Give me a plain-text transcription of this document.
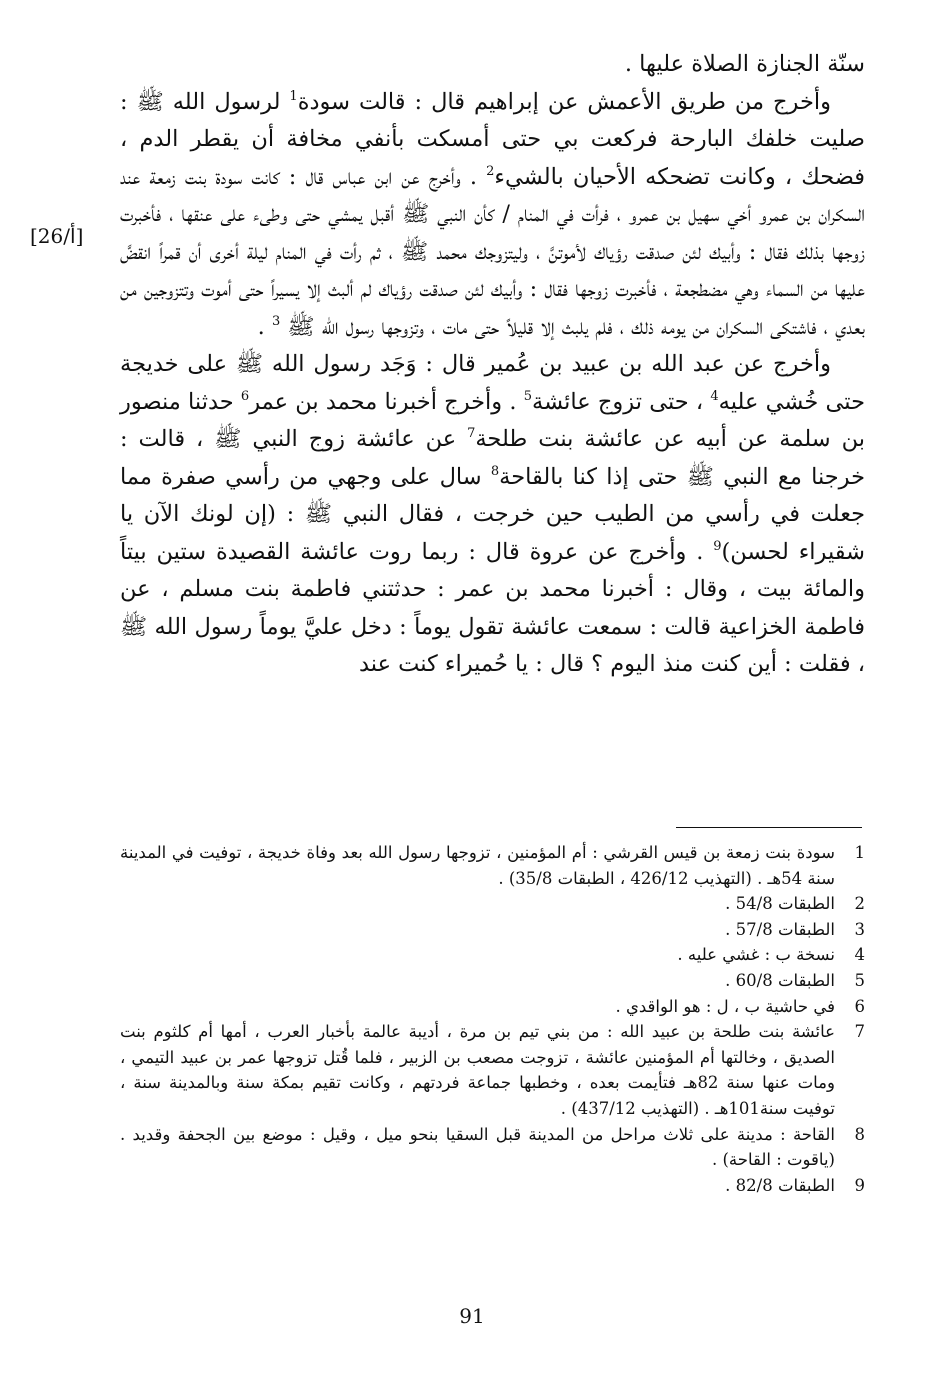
[26/أ]

سنّة الجنازة الصلاة عليها .

وأخرج من طريق الأعمش عن إبراهيم قال : قالت سودة$^1$ لرسول الله ﷺ : صليت خلفك البارحة فركعت بي حتى أمسكت بأنفي مخافة أن يقطر الدم ، فضحك ، وكانت تضحكه الأحيان بالشيء$^2$ . وأخرج عن ابن عباس قال : كانت سودة بنت زمعة عند السكران بن عمرو أخي سهيل بن عمرو ، فرأت في المنام / كأن النبي ﷺ أقبل يمشي حتى وطىء على عنقها ، فأخبرت زوجها بذلك فقال : وأبيك لئن صدقت رؤياك لأموتنَّ ، وليتزوجك محمد ﷺ ، ثم رأت في المنام ليلة أخرى أن قمراً انقضَّ عليها من السماء وهي مضطجعة ، فأخبرت زوجها فقال : وأبيك لئن صدقت رؤياك لم ألبث إلا يسيراً حتى أموت وتتزوجين من بعدي ، فاشتكى السكران من يومه ذلك ، فلم يلبث إلا قليلاً حتى مات ، وتزوجها رسول الله ﷺ $^3$ .

وأخرج عن عبد الله بن عبيد بن عُمير قال : وَجَد رسول الله ﷺ على خديجة حتى خُشي عليه$^4$ ، حتى تزوج عائشة$^5$ . وأخرج أخبرنا محمد بن عمر$^6$ حدثنا منصور بن سلمة عن أبيه عن عائشة بنت طلحة$^7$ عن عائشة زوج النبي ﷺ ، قالت : خرجنا مع النبي ﷺ حتى إذا كنا بالقاحة$^8$ سال على وجهي من رأسي صفرة مما جعلت في رأسي من الطيب حين خرجت ، فقال النبي ﷺ : (إن لونك الآن يا شقيراء لحسن)$^9$ . وأخرج عن عروة قال : ربما روت عائشة القصيدة ستين بيتاً والمائة بيت ، وقال : أخبرنا محمد بن عمر : حدثتني فاطمة بنت مسلم ، عن فاطمة الخزاعية قالت : سمعت عائشة تقول يوماً : دخل عليَّ يوماً رسول الله ﷺ ، فقلت : أين كنت منذ اليوم ؟ قال : يا حُميراء كنت عند

1
سودة بنت زمعة بن قيس القرشي : أم المؤمنين ، تزوجها رسول الله بعد وفاة خديجة ، توفيت في المدينة سنة 54هـ . (التهذيب 426/12 ، الطبقات 35/8) .
2
الطبقات 54/8 .
3
الطبقات 57/8 .
4
نسخة ب : غشي عليه .
5
الطبقات 60/8 .
6
في حاشية ب ، ل : هو الواقدي .
7
عائشة بنت طلحة بن عبيد الله : من بني تيم بن مرة ، أديبة عالمة بأخبار العرب ، أمها أم كلثوم بنت الصديق ، وخالتها أم المؤمنين عائشة ، تزوجت مصعب بن الزبير ، فلما قُتل تزوجها عمر بن عبيد التيمي ، ومات عنها سنة 82هـ فتأيمت بعده ، وخطبها جماعة فردتهم ، وكانت تقيم بمكة سنة وبالمدينة سنة ، توفيت سنة101هـ . (التهذيب 437/12) .
8
القاحة : مدينة على ثلاث مراحل من المدينة قبل السقيا بنحو ميل ، وقيل : موضع بين الجحفة وقديد . (ياقوت : القاحة) .
9
الطبقات 82/8 .
91
